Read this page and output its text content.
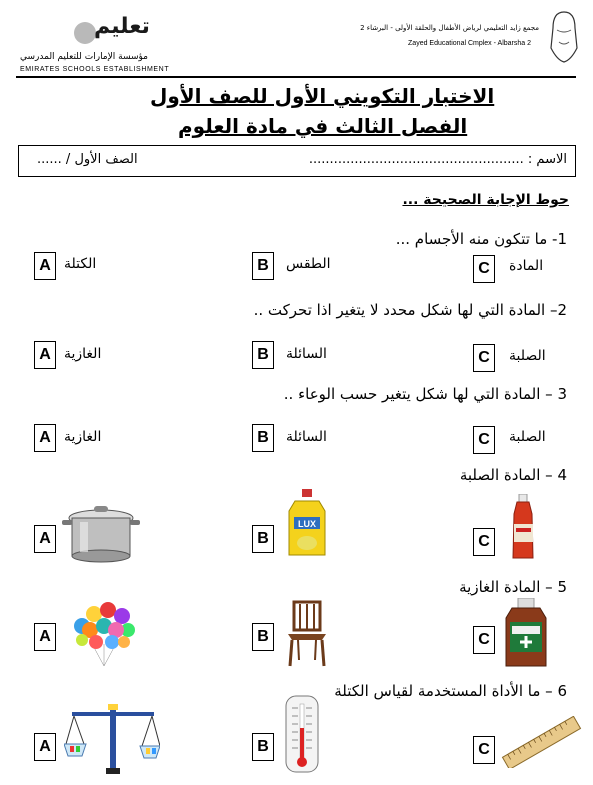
مجمع زايد التعليمي لرياض الأطفال والحلقة الأولى - البرشاء 2
Zayed Educational Cmplex - Albarsha 2
تعليم
مؤسسة الإمارات للتعليم المدرسي
EMIRATES SCHOOLS ESTABLISHMENT
الاختبار التكويني الأول للصف الأول
الفصل الثالث في مادة العلوم
الاسم : ....................................................
الصف الأول / ......
حوط الإجابة الصحيحة ...
1- ما تتكون منه الأجسام ...
A الكتلة	B	الطقس	C	المادة
2– المادة التي لها شكل محدد لا يتغير اذا تحركت ..
A الغازية	B	السائلة	C	الصلبة
3 – المادة التي لها شكل يتغير حسب الوعاء ..
A الغازية	B	السائلة	C	الصلبة
4 – المادة الصلبة
A	B
LUX
C
5 – المادة الغازية
A	B	C
6 – ما الأداة المستخدمة لقياس الكتلة
A	B	C
